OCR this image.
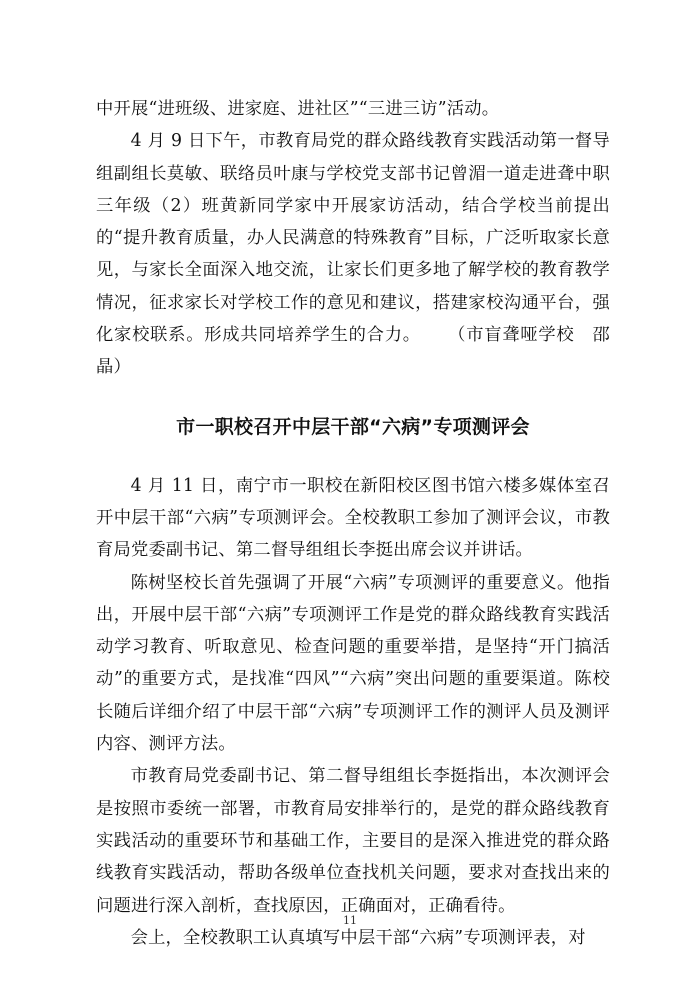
中开展“进班级、进家庭、进社区”“三进三访”活动。

4 月 9 日下午，市教育局党的群众路线教育实践活动第一督导组副组长莫敏、联络员叶康与学校党支部书记曾湄一道走进聋中职三年级（2）班黄新同学家中开展家访活动，结合学校当前提出的“提升教育质量，办人民满意的特殊教育”目标，广泛听取家长意见，与家长全面深入地交流，让家长们更多地了解学校的教育教学情况，征求家长对学校工作的意见和建议，搭建家校沟通平台，强化家校联系。形成共同培养学生的合力。 （市盲聋哑学校　邵晶）

市一职校召开中层干部“六病”专项测评会

4 月 11 日，南宁市一职校在新阳校区图书馆六楼多媒体室召开中层干部“六病”专项测评会。全校教职工参加了测评会议，市教育局党委副书记、第二督导组组长李挺出席会议并讲话。

陈树坚校长首先强调了开展“六病”专项测评的重要意义。他指出，开展中层干部“六病”专项测评工作是党的群众路线教育实践活动学习教育、听取意见、检查问题的重要举措，是坚持“开门搞活动”的重要方式，是找准“四风”“六病”突出问题的重要渠道。陈校长随后详细介绍了中层干部“六病”专项测评工作的测评人员及测评内容、测评方法。

市教育局党委副书记、第二督导组组长李挺指出，本次测评会是按照市委统一部署，市教育局安排举行的，是党的群众路线教育实践活动的重要环节和基础工作，主要目的是深入推进党的群众路线教育实践活动，帮助各级单位查找机关问题，要求对查找出来的问题进行深入剖析，查找原因，正确面对，正确看待。

会上，全校教职工认真填写中层干部“六病”专项测评表，对

11
